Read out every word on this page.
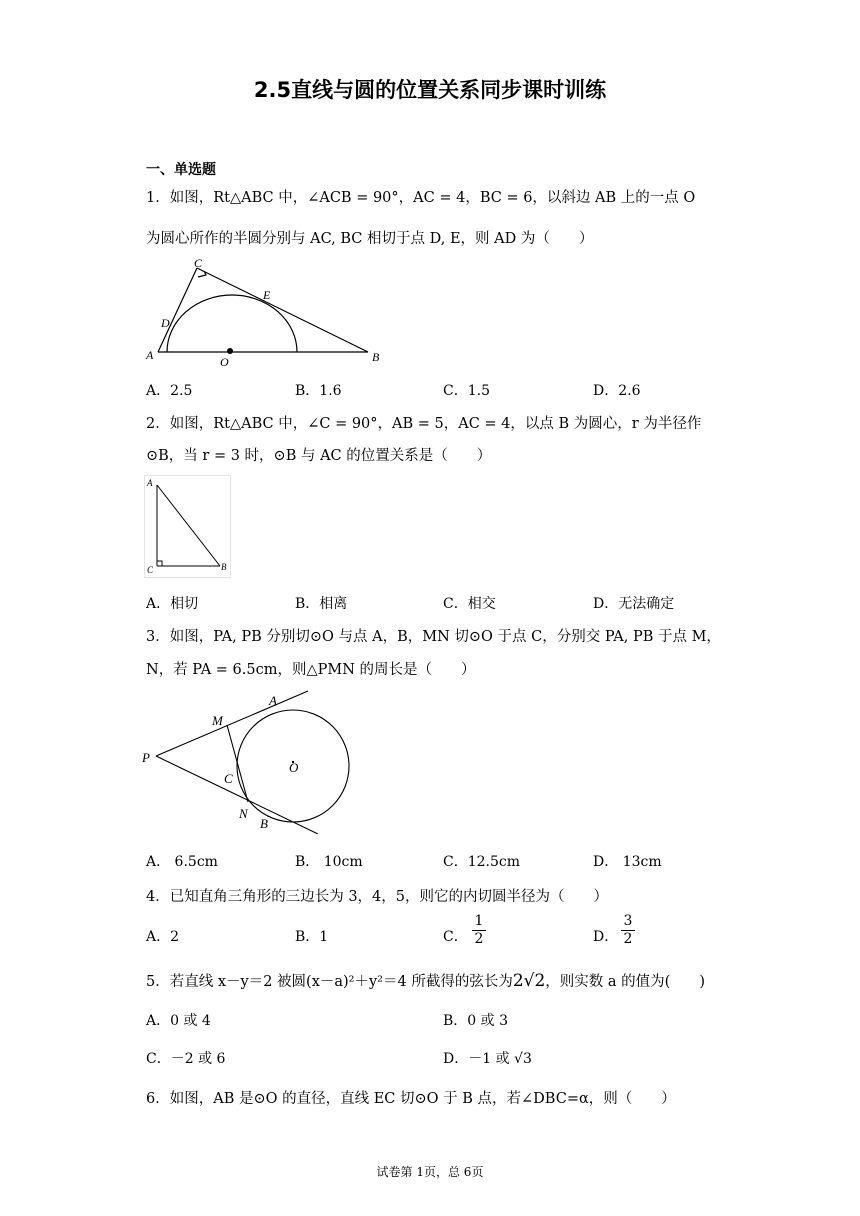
2.5直线与圆的位置关系同步课时训练
一、单选题
1．如图，Rt△ABC 中，∠ACB = 90°，AC = 4，BC = 6，以斜边 AB 上的一点 O
为圆心所作的半圆分别与 AC, BC 相切于点 D, E，则 AD 为（　　）
C
E
D
A	O	B
A．2.5	B．1.6	C．1.5	D．2.6
2．如图，Rt△ABC 中，∠C = 90°，AB = 5，AC = 4，以点 B 为圆心，r 为半径作
⊙B，当 r = 3 时，⊙B 与 AC 的位置关系是（　　）
A
C	B
A．相切	B．相离	C．相交	D．无法确定
3．如图，PA, PB 分别切⊙O 与点 A，B，MN 切⊙O 于点 C，分别交 PA, PB 于点 M，
N，若 PA = 6.5cm，则△PMN 的周长是（　　）
A
M
P
C
O
N
B
A． 6.5cm	B． 10cm	C．12.5cm	D． 13cm
4．已知直角三角形的三边长为 3，4，5，则它的内切圆半径为（　　）
A．2	B．1	C． $\frac{1}{2}$	D． $\frac{3}{2}$
5．若直线 x－y＝2 被圆(x－a)²＋y²＝4 所截得的弦长为2√2，则实数 a 的值为(　　)
A．0 或 4	B．0 或 3
C．－2 或 6	D．－1 或 √3
6．如图，AB 是⊙O 的直径，直线 EC 切⊙O 于 B 点，若∠DBC=α，则（　　）
试卷第 1页，总 6页
